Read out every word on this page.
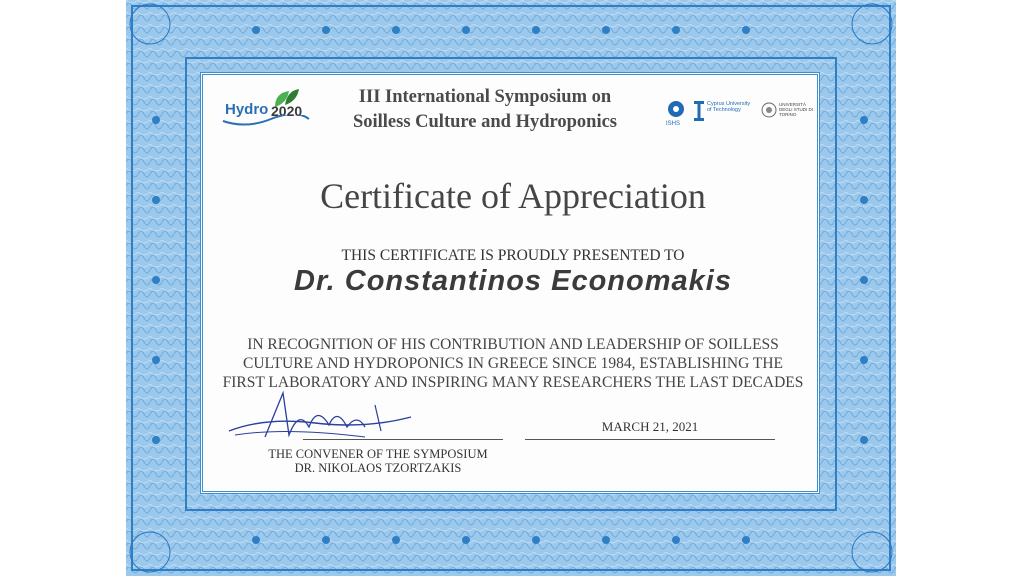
Hydro 2020
III International Symposium on
Soilless Culture and Hydroponics	ISHS
Cyprus University of Technology
UNIVERSITÀ DEGLI STUDI DI TORINO
Certificate of Appreciation
THIS CERTIFICATE IS PROUDLY PRESENTED TO
Dr. Constantinos Economakis
IN RECOGNITION OF HIS CONTRIBUTION AND LEADERSHIP OF SOILLESS
CULTURE AND HYDROPONICS IN GREECE SINCE 1984, ESTABLISHING THE
FIRST LABORATORY AND INSPIRING MANY RESEARCHERS THE LAST DECADES
MARCH 21, 2021
THE CONVENER OF THE SYMPOSIUM
DR. NIKOLAOS TZORTZAKIS
